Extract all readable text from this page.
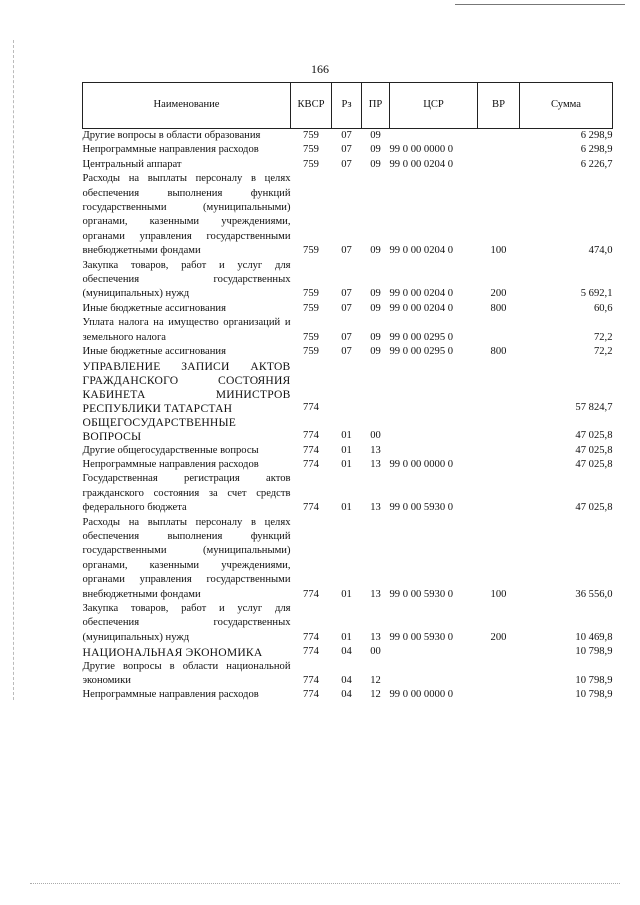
166
Наименование	КВСР	Рз	ПР	ЦСР	ВР	Сумма
Другие вопросы в области образования	759	07	09			6 298,9
Непрограммные направления расходов	759	07	09	99 0 00 0000 0		6 298,9
Центральный аппарат	759	07	09	99 0 00 0204 0		6 226,7
Расходы на выплаты персоналу в целях обеспечения выполнения функций государственными (муниципальными) органами, казенными учреждениями, органами управления государственными внебюджетными фондами	759	07	09	99 0 00 0204 0	100	474,0
Закупка товаров, работ и услуг для обеспечения государственных (муниципальных) нужд	759	07	09	99 0 00 0204 0	200	5 692,1
Иные бюджетные ассигнования	759	07	09	99 0 00 0204 0	800	60,6
Уплата налога на имущество организаций и земельного налога	759	07	09	99 0 00 0295 0		72,2
Иные бюджетные ассигнования	759	07	09	99 0 00 0295 0	800	72,2
УПРАВЛЕНИЕ ЗАПИСИ АКТОВ ГРАЖДАНСКОГО СОСТОЯНИЯ КАБИНЕТА МИНИСТРОВ РЕСПУБЛИКИ ТАТАРСТАН	774					57 824,7
ОБЩЕГОСУДАРСТВЕННЫЕ ВОПРОСЫ	774	01	00			47 025,8
Другие общегосударственные вопросы	774	01	13			47 025,8
Непрограммные направления расходов	774	01	13	99 0 00 0000 0		47 025,8
Государственная регистрация актов гражданского состояния за счет средств федерального бюджета	774	01	13	99 0 00 5930 0		47 025,8
Расходы на выплаты персоналу в целях обеспечения выполнения функций государственными (муниципальными) органами, казенными учреждениями, органами управления государственными внебюджетными фондами	774	01	13	99 0 00 5930 0	100	36 556,0
Закупка товаров, работ и услуг для обеспечения государственных (муниципальных) нужд	774	01	13	99 0 00 5930 0	200	10 469,8
НАЦИОНАЛЬНАЯ ЭКОНОМИКА	774	04	00			10 798,9
Другие вопросы в области национальной экономики	774	04	12			10 798,9
Непрограммные направления расходов	774	04	12	99 0 00 0000 0		10 798,9
